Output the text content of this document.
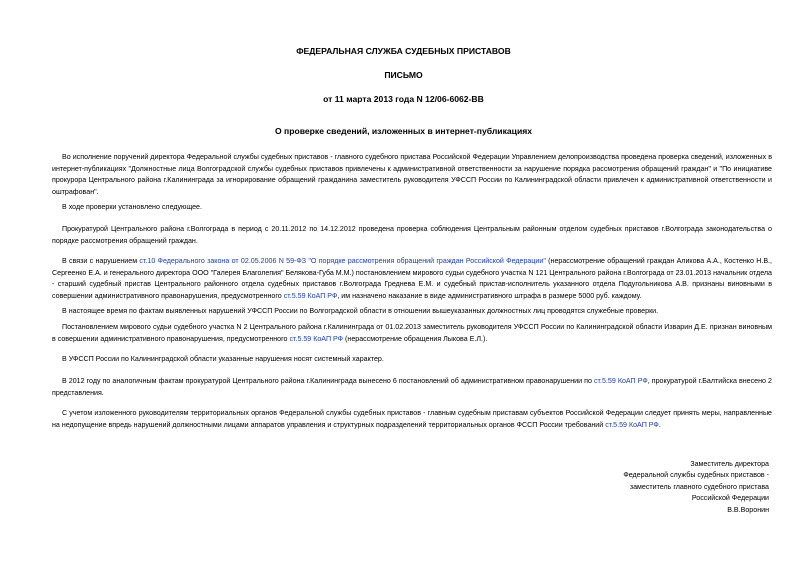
ФЕДЕРАЛЬНАЯ СЛУЖБА СУДЕБНЫХ ПРИСТАВОВ
ПИСЬМО
от 11 марта 2013 года N 12/06-6062-ВВ
О проверке сведений, изложенных в интернет-публикациях

Во исполнение поручений директора Федеральной службы судебных приставов - главного судебного пристава Российской Федерации Управлением делопроизводства проведена проверка сведений, изложенных в интернет-публикациях "Должностные лица Волгоградской службы судебных приставов привлечены к административной ответственности за нарушение порядка рассмотрения обращений граждан" и "По инициативе прокурора Центрального района г.Калининграда за игнорирование обращений гражданина заместитель руководителя УФССП России по Калининградской области привлечен к административной ответственности и оштрафован".

В ходе проверки установлено следующее.

Прокуратурой Центрального района г.Волгограда в период с 20.11.2012 по 14.12.2012 проведена проверка соблюдения Центральным районным отделом судебных приставов г.Волгограда законодательства о порядке рассмотрения обращений граждан.

В связи с нарушением ст.10 Федерального закона от 02.05.2006 N 59-ФЗ "О порядке рассмотрения обращений граждан Российской Федерации" (нерассмотрение обращений граждан Аликова А.А., Костенко Н.В., Сергеенко Е.А. и генерального директора ООО "Галерея Благолепия" Белякова-Губа М.М.) постановлением мирового судьи судебного участка N 121 Центрального района г.Волгограда от 23.01.2013 начальник отдела - старший судебный пристав Центрального районного отдела судебных приставов г.Волгограда Греднева Е.М. и судебный пристав-исполнитель указанного отдела Подугольникова А.В. признаны виновными в совершении административного правонарушения, предусмотренного ст.5.59 КоАП РФ, им назначено наказание в виде административного штрафа в размере 5000 руб. каждому.

В настоящее время по фактам выявленных нарушений УФССП России по Волгоградской области в отношении вышеуказанных должностных лиц проводятся служебные проверки.

Постановлением мирового судьи судебного участка N 2 Центрального района г.Калининграда от 01.02.2013 заместитель руководителя УФССП России по Калининградской области Изварин Д.Е. признан виновным в совершении административного правонарушения, предусмотренного ст.5.59 КоАП РФ (нерассмотрение обращения Лыкова Е.Л.).

В УФССП России по Калининградской области указанные нарушения носят системный характер.

В 2012 году по аналогичным фактам прокуратурой Центрального района г.Калининграда вынесено 6 постановлений об административном правонарушении по ст.5.59 КоАП РФ, прокуратурой г.Балтийска внесено 2 представления.

С учетом изложенного руководителям территориальных органов Федеральной службы судебных приставов - главным судебным приставам субъектов Российской Федерации следует принять меры, направленные на недопущение впредь нарушений должностными лицами аппаратов управления и структурных подразделений территориальных органов ФССП России требований ст.5.59 КоАП РФ.

Заместитель директора
Федеральной службы судебных приставов -
заместитель главного судебного пристава
Российской Федерации
В.В.Воронин
